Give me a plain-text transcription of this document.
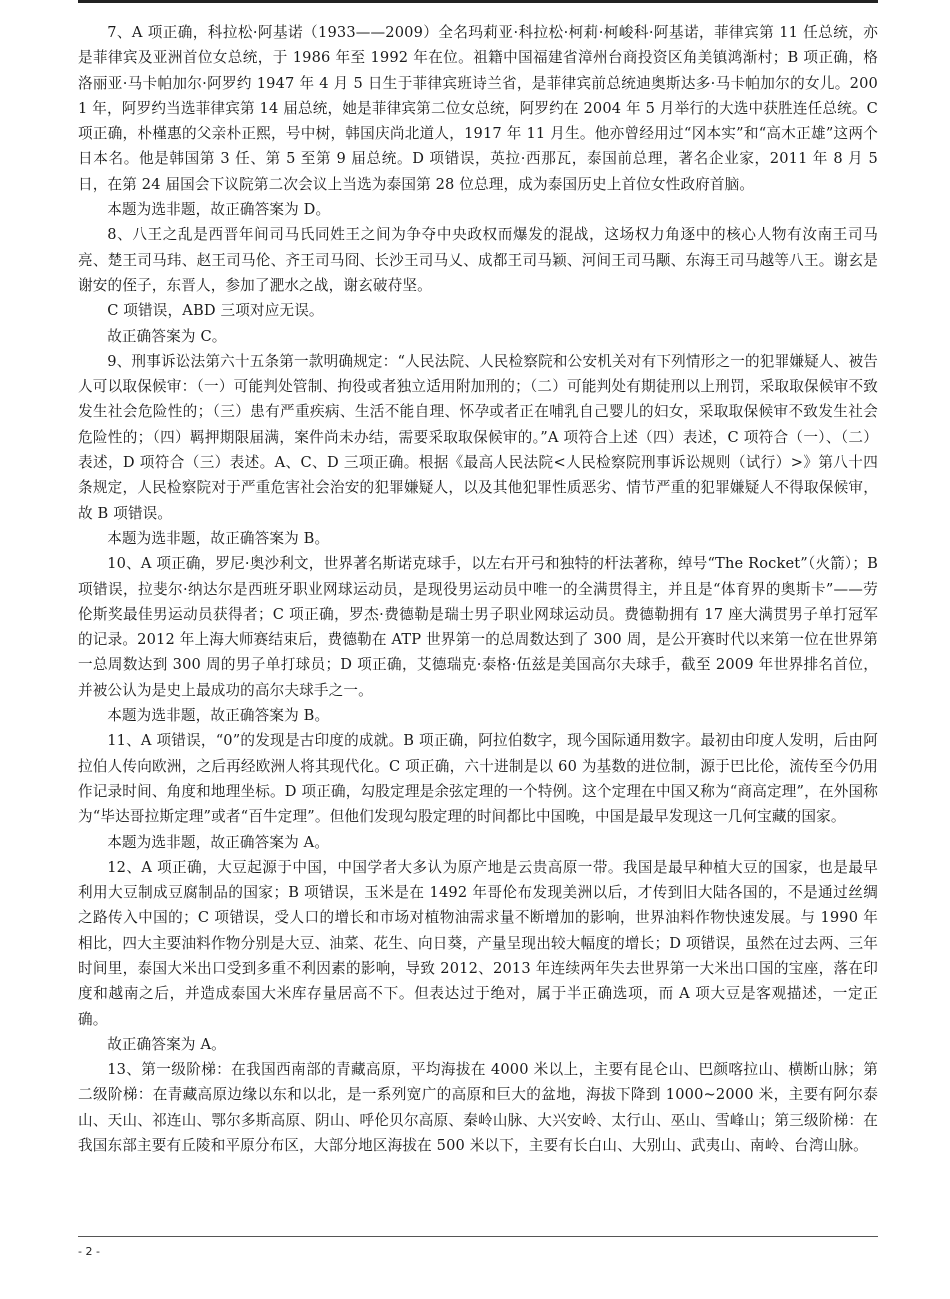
7、A 项正确，科拉松·阿基诺（1933——2009）全名玛莉亚·科拉松·柯莉·柯峻科·阿基诺，菲律宾第 11 任总统，亦是菲律宾及亚洲首位女总统，于 1986 年至 1992 年在位。祖籍中国福建省漳州台商投资区角美镇鸿渐村；B 项正确，格洛丽亚·马卡帕加尔·阿罗约 1947 年 4 月 5 日生于菲律宾班诗兰省，是菲律宾前总统迪奥斯达多·马卡帕加尔的女儿。2001 年，阿罗约当选菲律宾第 14 届总统，她是菲律宾第二位女总统，阿罗约在 2004 年 5 月举行的大选中获胜连任总统。C 项正确，朴槿惠的父亲朴正熙，号中树，韩国庆尚北道人，1917 年 11 月生。他亦曾经用过“冈本实”和“高木正雄”这两个日本名。他是韩国第 3 任、第 5 至第 9 届总统。D 项错误，英拉·西那瓦，泰国前总理，著名企业家，2011 年 8 月 5 日，在第 24 届国会下议院第二次会议上当选为泰国第 28 位总理，成为泰国历史上首位女性政府首脑。

本题为选非题，故正确答案为 D。

8、八王之乱是西晋年间司马氏同姓王之间为争夺中央政权而爆发的混战，这场权力角逐中的核心人物有汝南王司马亮、楚王司马玮、赵王司马伦、齐王司马冏、长沙王司马乂、成都王司马颖、河间王司马颙、东海王司马越等八王。谢玄是谢安的侄子，东晋人，参加了淝水之战，谢玄破苻坚。

C 项错误，ABD 三项对应无误。

故正确答案为 C。

9、刑事诉讼法第六十五条第一款明确规定：“人民法院、人民检察院和公安机关对有下列情形之一的犯罪嫌疑人、被告人可以取保候审：（一）可能判处管制、拘役或者独立适用附加刑的；（二）可能判处有期徒刑以上刑罚，采取取保候审不致发生社会危险性的；（三）患有严重疾病、生活不能自理、怀孕或者正在哺乳自己婴儿的妇女，采取取保候审不致发生社会危险性的；（四）羁押期限届满，案件尚未办结，需要采取取保候审的。”A 项符合上述（四）表述，C 项符合（一）、（二）表述，D 项符合（三）表述。A、C、D 三项正确。根据《最高人民法院<人民检察院刑事诉讼规则（试行）>》第八十四条规定，人民检察院对于严重危害社会治安的犯罪嫌疑人，以及其他犯罪性质恶劣、情节严重的犯罪嫌疑人不得取保候审，故 B 项错误。

本题为选非题，故正确答案为 B。

10、A 项正确，罗尼·奥沙利文，世界著名斯诺克球手，以左右开弓和独特的杆法著称，绰号“The Rocket”（火箭）；B 项错误，拉斐尔·纳达尔是西班牙职业网球运动员，是现役男运动员中唯一的全满贯得主，并且是“体育界的奥斯卡”——劳伦斯奖最佳男运动员获得者；C 项正确，罗杰·费德勒是瑞士男子职业网球运动员。费德勒拥有 17 座大满贯男子单打冠军的记录。2012 年上海大师赛结束后，费德勒在 ATP 世界第一的总周数达到了 300 周，是公开赛时代以来第一位在世界第一总周数达到 300 周的男子单打球员；D 项正确，艾德瑞克·泰格·伍兹是美国高尔夫球手，截至 2009 年世界排名首位，并被公认为是史上最成功的高尔夫球手之一。

本题为选非题，故正确答案为 B。

11、A 项错误，“0”的发现是古印度的成就。B 项正确，阿拉伯数字，现今国际通用数字。最初由印度人发明，后由阿拉伯人传向欧洲，之后再经欧洲人将其现代化。C 项正确，六十进制是以 60 为基数的进位制，源于巴比伦，流传至今仍用作记录时间、角度和地理坐标。D 项正确，勾股定理是余弦定理的一个特例。这个定理在中国又称为“商高定理”，在外国称为“毕达哥拉斯定理”或者“百牛定理”。但他们发现勾股定理的时间都比中国晚，中国是最早发现这一几何宝藏的国家。

本题为选非题，故正确答案为 A。

12、A 项正确，大豆起源于中国，中国学者大多认为原产地是云贵高原一带。我国是最早种植大豆的国家，也是最早利用大豆制成豆腐制品的国家；B 项错误，玉米是在 1492 年哥伦布发现美洲以后，才传到旧大陆各国的，不是通过丝绸之路传入中国的；C 项错误，受人口的增长和市场对植物油需求量不断增加的影响，世界油料作物快速发展。与 1990 年相比，四大主要油料作物分别是大豆、油菜、花生、向日葵，产量呈现出较大幅度的增长；D 项错误，虽然在过去两、三年时间里，泰国大米出口受到多重不利因素的影响，导致 2012、2013 年连续两年失去世界第一大米出口国的宝座，落在印度和越南之后，并造成泰国大米库存量居高不下。但表达过于绝对，属于半正确选项，而 A 项大豆是客观描述，一定正确。

故正确答案为 A。

13、第一级阶梯：在我国西南部的青藏高原，平均海拔在 4000 米以上，主要有昆仑山、巴颜喀拉山、横断山脉；第二级阶梯：在青藏高原边缘以东和以北，是一系列宽广的高原和巨大的盆地，海拔下降到 1000~2000 米，主要有阿尔泰山、天山、祁连山、鄂尔多斯高原、阴山、呼伦贝尔高原、秦岭山脉、大兴安岭、太行山、巫山、雪峰山；第三级阶梯：在我国东部主要有丘陵和平原分布区，大部分地区海拔在 500 米以下，主要有长白山、大别山、武夷山、南岭、台湾山脉。

- 2 -
